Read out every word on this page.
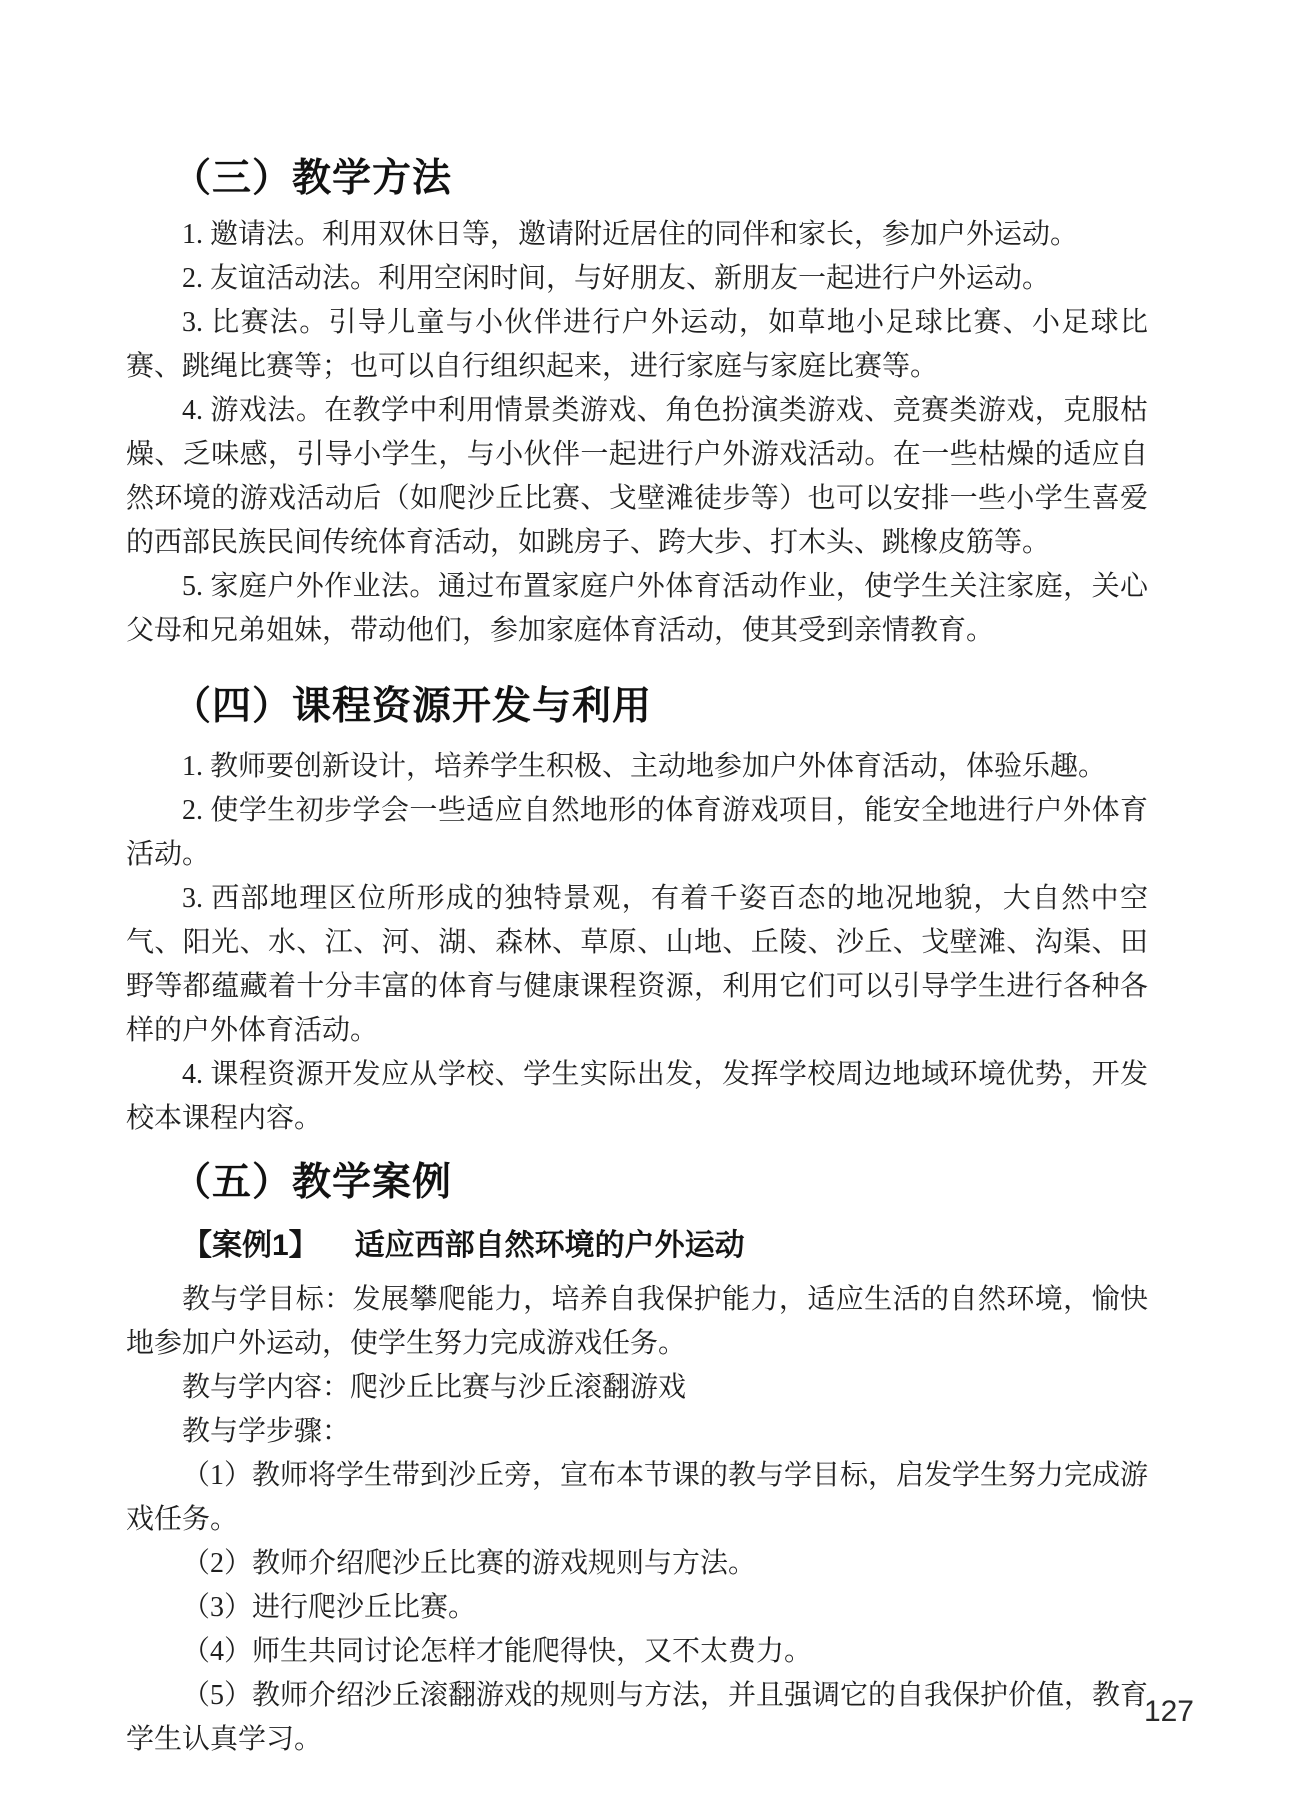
（三）教学方法

1. 邀请法。利用双休日等，邀请附近居住的同伴和家长，参加户外运动。

2. 友谊活动法。利用空闲时间，与好朋友、新朋友一起进行户外运动。

3. 比赛法。引导儿童与小伙伴进行户外运动，如草地小足球比赛、小足球比赛、跳绳比赛等；也可以自行组织起来，进行家庭与家庭比赛等。

4. 游戏法。在教学中利用情景类游戏、角色扮演类游戏、竞赛类游戏，克服枯燥、乏味感，引导小学生，与小伙伴一起进行户外游戏活动。在一些枯燥的适应自然环境的游戏活动后（如爬沙丘比赛、戈壁滩徒步等）也可以安排一些小学生喜爱的西部民族民间传统体育活动，如跳房子、跨大步、打木头、跳橡皮筋等。

5. 家庭户外作业法。通过布置家庭户外体育活动作业，使学生关注家庭，关心父母和兄弟姐妹，带动他们，参加家庭体育活动，使其受到亲情教育。

（四）课程资源开发与利用

1. 教师要创新设计，培养学生积极、主动地参加户外体育活动，体验乐趣。

2. 使学生初步学会一些适应自然地形的体育游戏项目，能安全地进行户外体育活动。

3. 西部地理区位所形成的独特景观，有着千姿百态的地况地貌，大自然中空气、阳光、水、江、河、湖、森林、草原、山地、丘陵、沙丘、戈壁滩、沟渠、田野等都蕴藏着十分丰富的体育与健康课程资源，利用它们可以引导学生进行各种各样的户外体育活动。

4. 课程资源开发应从学校、学生实际出发，发挥学校周边地域环境优势，开发校本课程内容。

（五）教学案例
【案例1】 适应西部自然环境的户外运动

教与学目标：发展攀爬能力，培养自我保护能力，适应生活的自然环境，愉快地参加户外运动，使学生努力完成游戏任务。

教与学内容：爬沙丘比赛与沙丘滚翻游戏

教与学步骤：

（1）教师将学生带到沙丘旁，宣布本节课的教与学目标，启发学生努力完成游戏任务。

（2）教师介绍爬沙丘比赛的游戏规则与方法。

（3）进行爬沙丘比赛。

（4）师生共同讨论怎样才能爬得快，又不太费力。

（5）教师介绍沙丘滚翻游戏的规则与方法，并且强调它的自我保护价值，教育学生认真学习。

127
